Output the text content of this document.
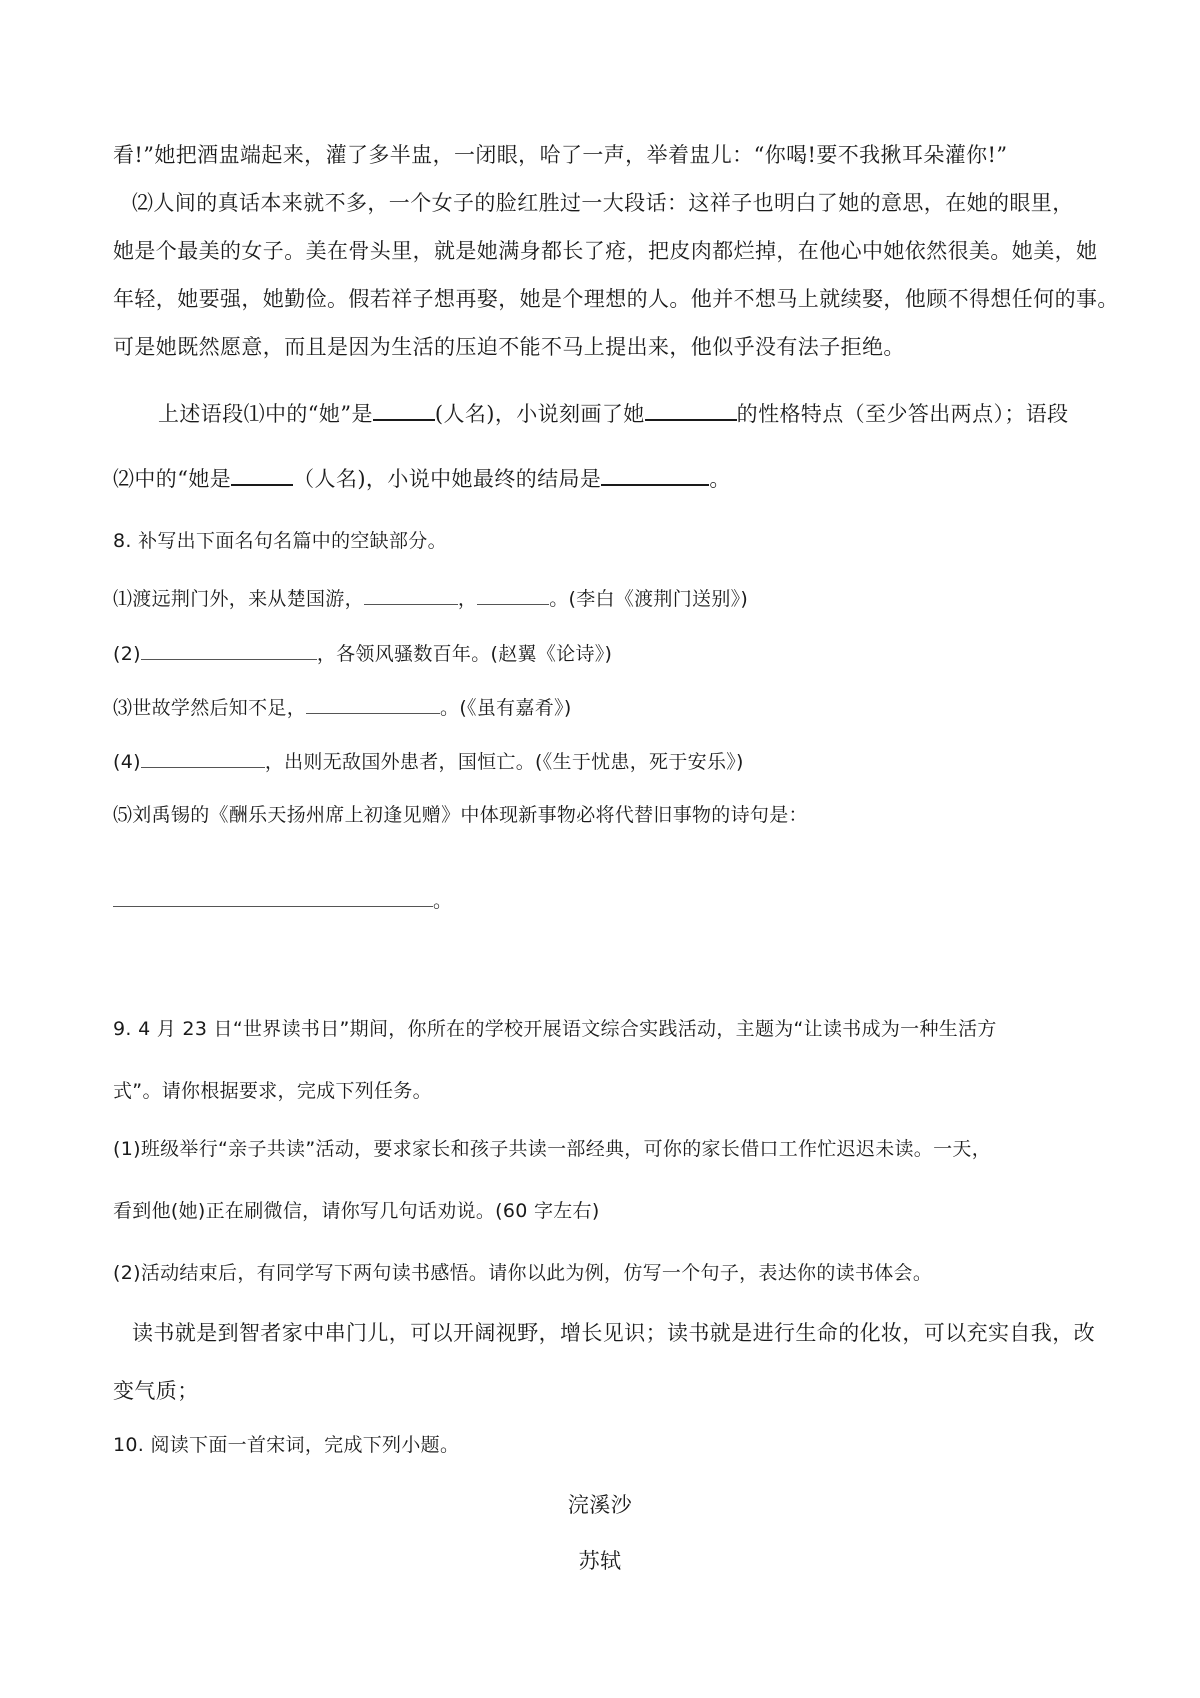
看!”她把酒盅端起来，灌了多半盅，一闭眼，哈了一声，举着盅儿：“你喝!要不我揪耳朵灌你!”

⑵人间的真话本来就不多，一个女子的脸红胜过一大段话：这祥子也明白了她的意思，在她的眼里，

她是个最美的女子。美在骨头里，就是她满身都长了疮，把皮肉都烂掉，在他心中她依然很美。她美，她

年轻，她要强，她勤俭。假若祥子想再娶，她是个理想的人。他并不想马上就续娶，他顾不得想任何的事。

可是她既然愿意，而且是因为生活的压迫不能不马上提出来，他似乎没有法子拒绝。

上述语段⑴中的“她”是	(人名)，小说刻画了她	的性格特点（至少答出两点）；语段

⑵中的“她是	（人名)，小说中她最终的结局是	。

8. 补写出下面名句名篇中的空缺部分。

⑴渡远荆门外，来从楚国游，	，	。(李白《渡荆门送别》)

(2)	，各领风骚数百年。(赵翼《论诗》)

⑶世故学然后知不足，	。(《虽有嘉肴》)

(4)	，出则无敌国外患者，国恒亡。(《生于忧患，死于安乐》)

⑸刘禹锡的《酬乐天扬州席上初逢见赠》中体现新事物必将代替旧事物的诗句是：

。

9. 4 月 23 日“世界读书日”期间，你所在的学校开展语文综合实践活动，主题为“让读书成为一种生活方

式”。请你根据要求，完成下列任务。

(1)班级举行“亲子共读”活动，要求家长和孩子共读一部经典，可你的家长借口工作忙迟迟未读。一天，

看到他(她)正在刷微信，请你写几句话劝说。(60 字左右)

(2)活动结束后，有同学写下两句读书感悟。请你以此为例，仿写一个句子，表达你的读书体会。

读书就是到智者家中串门儿，可以开阔视野，增长见识；读书就是进行生命的化妆，可以充实自我，改

变气质；

10. 阅读下面一首宋词，完成下列小题。

浣溪沙

苏轼
